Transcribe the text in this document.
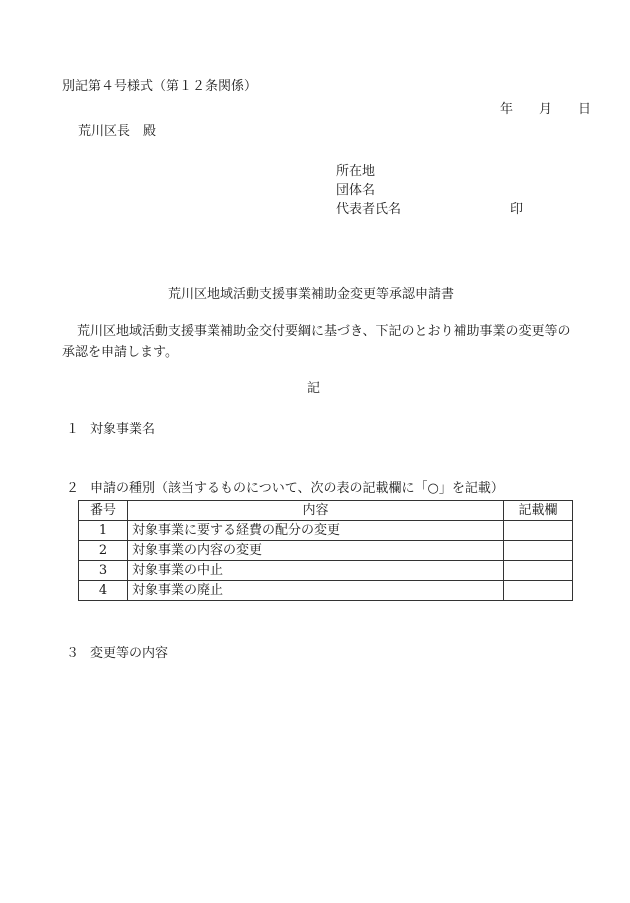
別記第４号様式（第１２条関係）
年 月 日
荒川区長　殿
所在地
団体名
代表者氏名	印
荒川区地域活動支援事業補助金変更等承認申請書
荒川区地域活動支援事業補助金交付要綱に基づき、下記のとおり補助事業の変更等の承認を申請します。
記
１ 対象事業名
２ 申請の種別（該当するものについて、次の表の記載欄に「○」を記載）
番号	内容	記載欄
1	対象事業に要する経費の配分の変更	
2	対象事業の内容の変更	
3	対象事業の中止	
4	対象事業の廃止	
３ 変更等の内容
